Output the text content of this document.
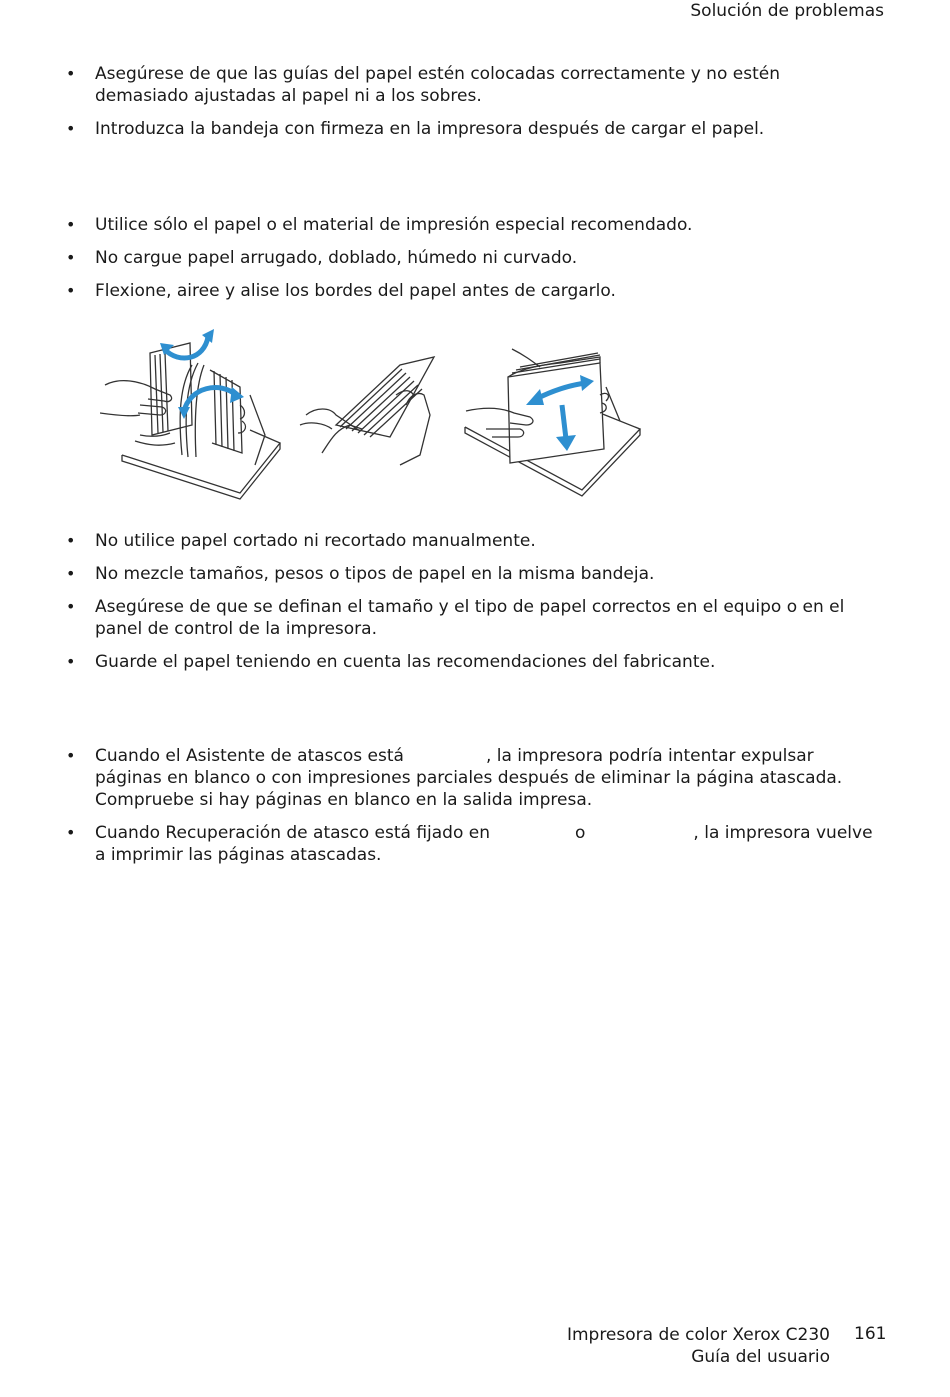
Solución de problemas
• Asegúrese de que las guías del papel estén colocadas correctamente y no estén demasiado ajustadas al papel ni a los sobres.
• Introduzca la bandeja con firmeza en la impresora después de cargar el papel.
• Utilice sólo el papel o el material de impresión especial recomendado.
• No cargue papel arrugado, doblado, húmedo ni curvado.
• Flexione, airee y alise los bordes del papel antes de cargarlo.
• No utilice papel cortado ni recortado manualmente.
• No mezcle tamaños, pesos o tipos de papel en la misma bandeja.
• Asegúrese de que se definan el tamaño y el tipo de papel correctos en el equipo o en el panel de control de la impresora.
• Guarde el papel teniendo en cuenta las recomendaciones del fabricante.
• Cuando el Asistente de atascos está	, la impresora podría intentar expulsar páginas en blanco o con impresiones parciales después de eliminar la página atascada. Compruebe si hay páginas en blanco en la salida impresa.
• Cuando Recuperación de atasco está fijado en	o	, la impresora vuelve a imprimir las páginas atascadas.
Impresora de color Xerox C230
Guía del usuario
161
